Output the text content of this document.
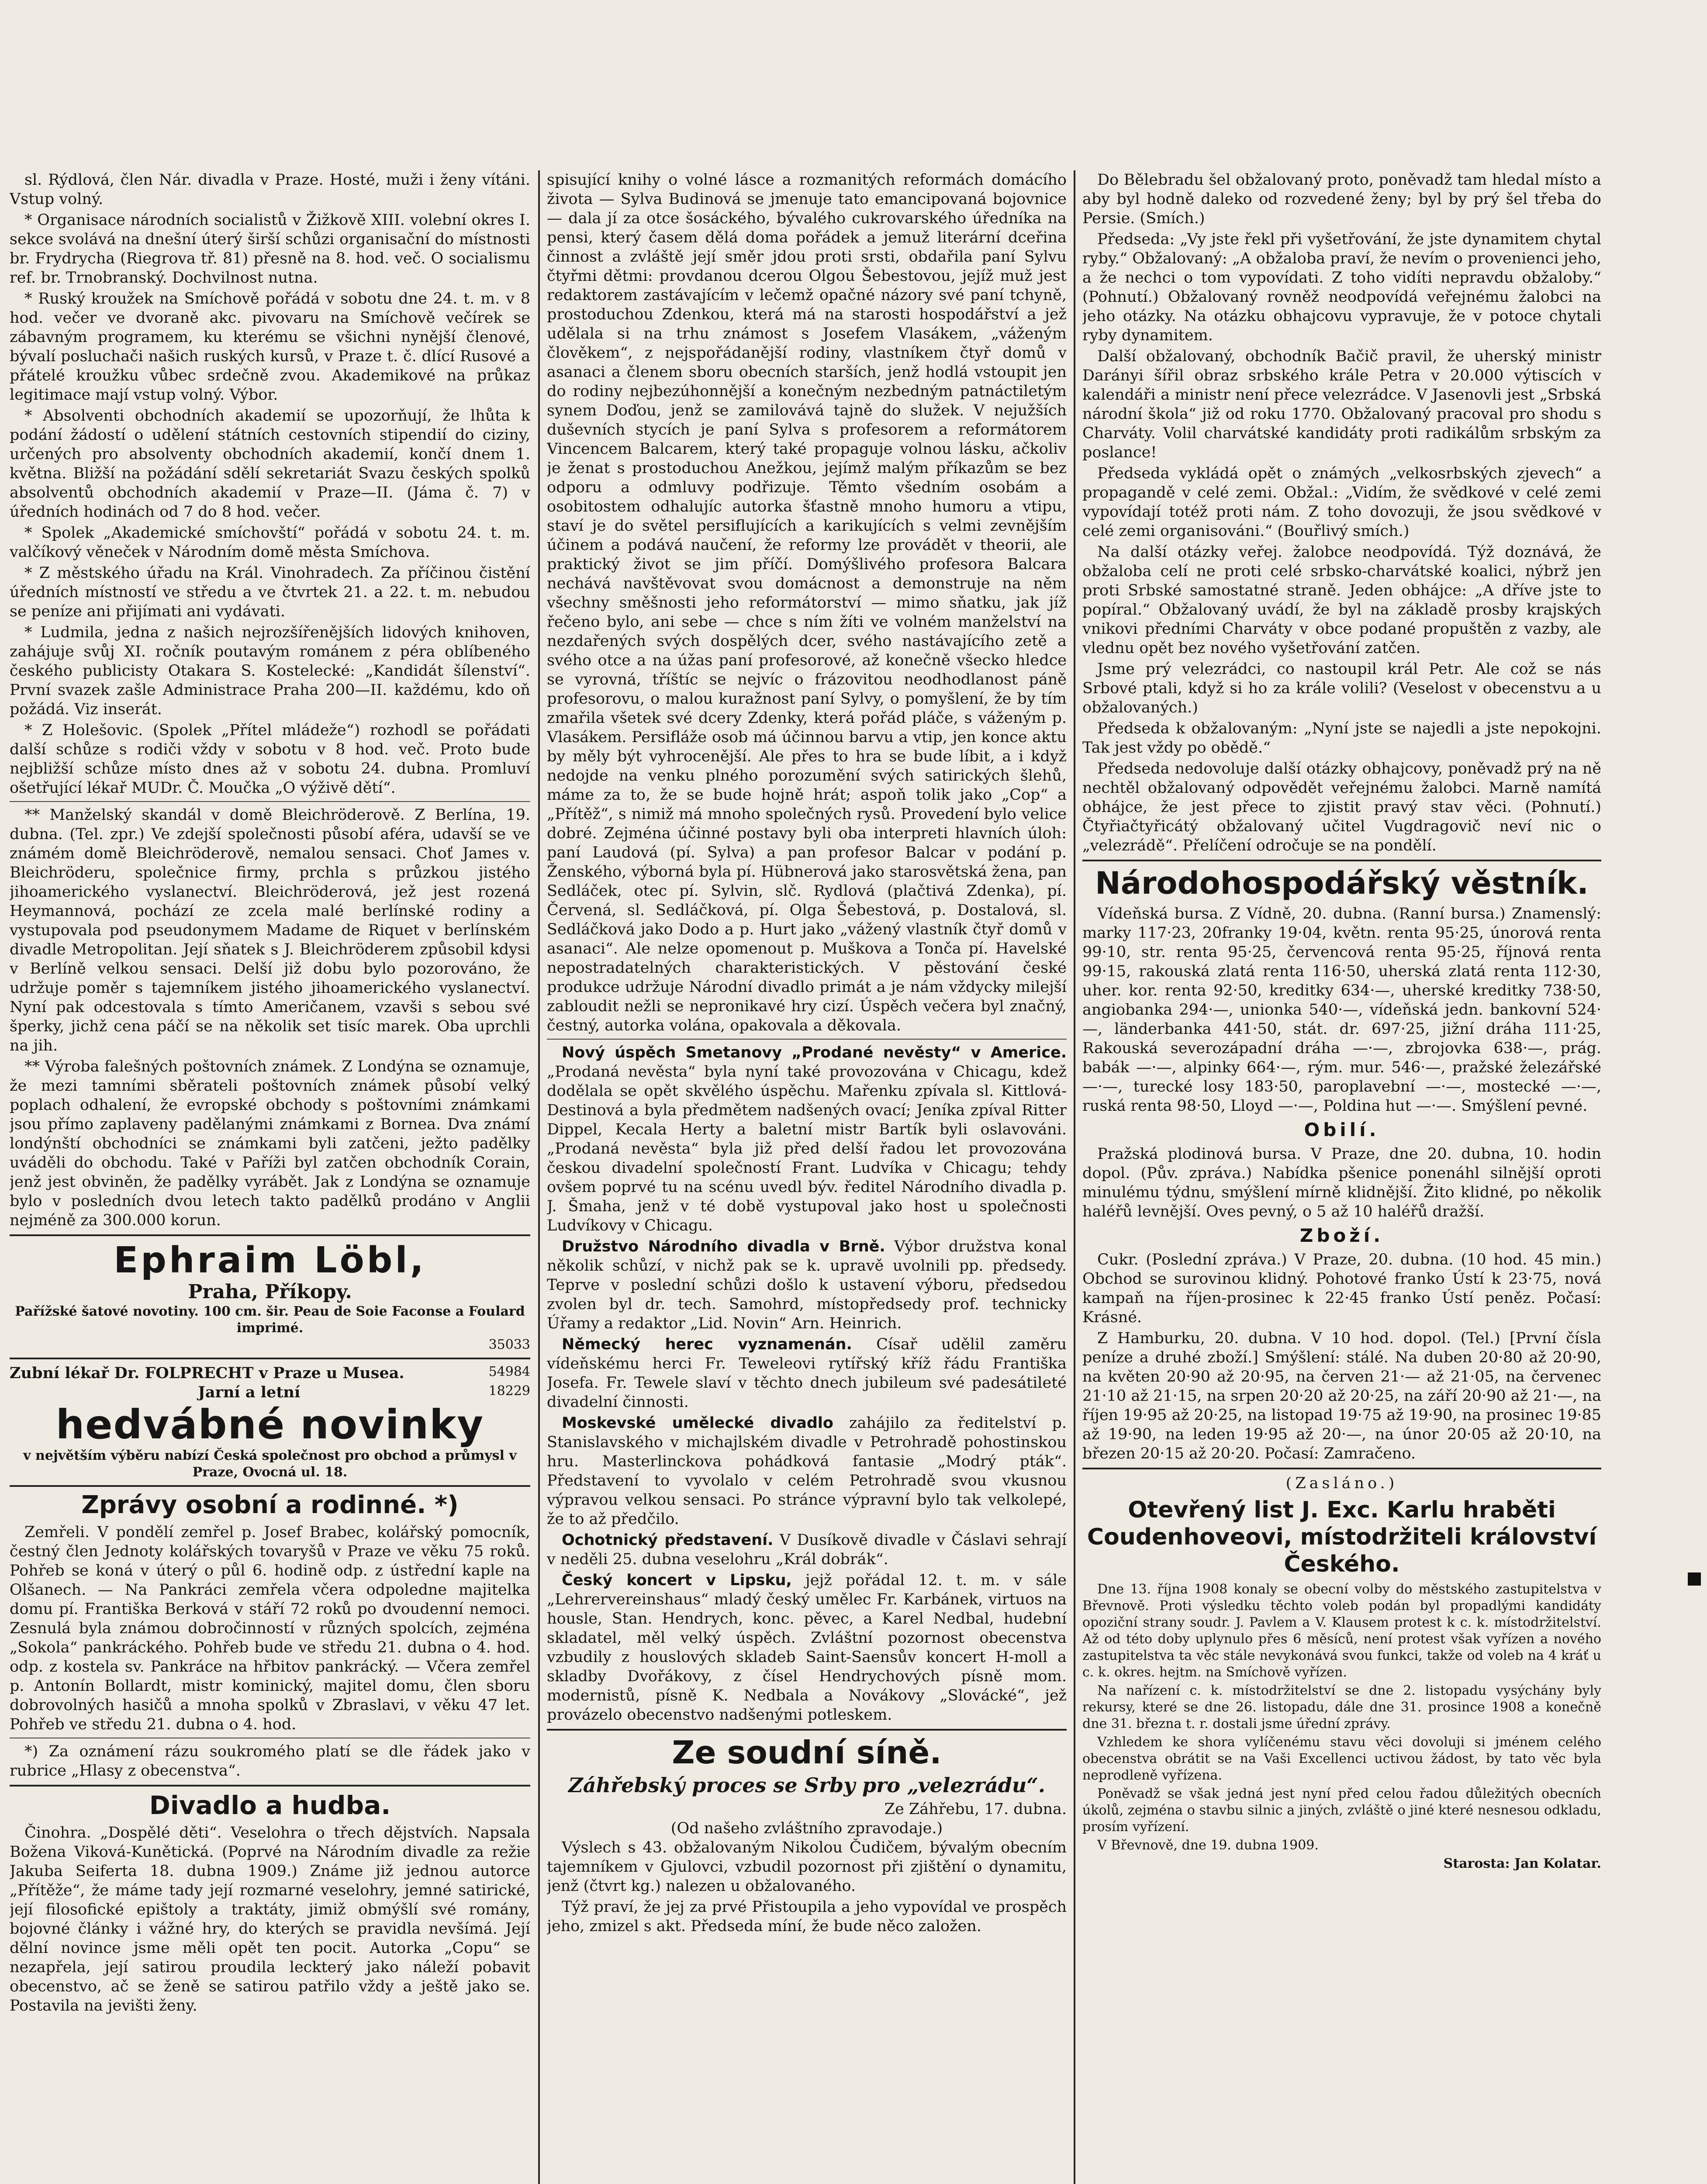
sl. Rýdlová, člen Nár. divadla v Praze. Hosté, muži i ženy vítáni. Vstup volný.

* Organisace národních socialistů v Žižkově XIII. volební okres I. sekce svolává na dnešní úterý širší schůzi organisační do místnosti br. Frydrycha (Riegrova tř. 81) přesně na 8. hod. več. O socialismu ref. br. Trnobranský. Dochvilnost nutna.

* Ruský kroužek na Smíchově pořádá v sobotu dne 24. t. m. v 8 hod. večer ve dvoraně akc. pivovaru na Smíchově večírek se zábavným programem, ku kterému se všichni nynější členové, bývalí posluchači našich ruských kursů, v Praze t. č. dlící Rusové a přátelé kroužku vůbec srdečně zvou. Akademikové na průkaz legitimace mají vstup volný. Výbor.

* Absolventi obchodních akademií se upozorňují, že lhůta k podání žádostí o udělení státních cestovních stipendií do ciziny, určených pro absolventy obchodních akademií, končí dnem 1. května. Bližší na požádání sdělí sekretariát Svazu českých spolků absolventů obchodních akademií v Praze—II. (Jáma č. 7) v úředních hodinách od 7 do 8 hod. večer.

* Spolek „Akademické smíchovští“ pořádá v sobotu 24. t. m. valčíkový věneček v Národním domě města Smíchova.

* Z městského úřadu na Král. Vinohradech. Za příčinou čistění úředních místností ve středu a ve čtvrtek 21. a 22. t. m. nebudou se peníze ani přijímati ani vydávati.

* Ludmila, jedna z našich nejrozšířenějších lidových knihoven, zahájuje svůj XI. ročník poutavým románem z péra oblíbeného českého publicisty Otakara S. Kostelecké: „Kandidát šílenství“. První svazek zašle Administrace Praha 200—II. každému, kdo oň požádá. Viz inserát.

* Z Holešovic. (Spolek „Přítel mládeže“) rozhodl se pořádati další schůze s rodiči vždy v sobotu v 8 hod. več. Proto bude nejbližší schůze místo dnes až v sobotu 24. dubna. Promluví ošetřující lékař MUDr. Č. Moučka „O výživě dětí“.

** Manželský skandál v domě Bleichröderově. Z Berlína, 19. dubna. (Tel. zpr.) Ve zdejší společnosti působí aféra, udavší se ve známém domě Bleichröderově, nemalou sensaci. Choť James v. Bleichröderu, společnice firmy, prchla s průzkou jistého jihoamerického vyslanectví. Bleichröderová, jež jest rozená Heymannová, pochází ze zcela malé berlínské rodiny a vystupovala pod pseudonymem Madame de Riquet v berlínském divadle Metropolitan. Její sňatek s J. Bleichröderem způsobil kdysi v Berlíně velkou sensaci. Delší již dobu bylo pozorováno, že udržuje poměr s tajemníkem jistého jihoamerického vyslanectví. Nyní pak odcestovala s tímto Američanem, vzavši s sebou své šperky, jichž cena páčí se na několik set tisíc marek. Oba uprchli na jih.

** Výroba falešných poštovních známek. Z Londýna se oznamuje, že mezi tamními sběrateli poštovních známek působí velký poplach odhalení, že evropské obchody s poštovními známkami jsou přímo zaplaveny padělanými známkami z Bornea. Dva známí londýnští obchodníci se známkami byli zatčeni, ježto padělky uváděli do obchodu. Také v Paříži byl zatčen obchodník Corain, jenž jest obviněn, že padělky vyrábět. Jak z Londýna se oznamuje bylo v posledních dvou letech takto padělků prodáno v Anglii nejméně za 300.000 korun.

Ephraim Löbl,
Praha, Příkopy.
Pařížské šatové novotiny. 100 cm. šir. Peau de Soie Faconse a Foulard imprimé.
35033
Zubní lékař Dr. FOLPRECHT v Praze u Musea.	54984
Jarní a letní	18229
hedvábné novinky
v největším výběru nabízí Česká společnost pro obchod a průmysl v Praze, Ovocná ul. 18.
Zprávy osobní a rodinné. *)

Zemřeli. V pondělí zemřel p. Josef Brabec, kolářský pomocník, čestný člen Jednoty kolářských tovaryšů v Praze ve věku 75 roků. Pohřeb se koná v úterý o půl 6. hodině odp. z ústřední kaple na Olšanech. — Na Pankráci zemřela včera odpoledne majitelka domu pí. Františka Berková v stáří 72 roků po dvoudenní nemoci. Zesnulá byla známou dobročinností v různých spolcích, zejména „Sokola“ pankráckého. Pohřeb bude ve středu 21. dubna o 4. hod. odp. z kostela sv. Pankráce na hřbitov pankrácký. — Včera zemřel p. Antonín Bollardt, mistr kominický, majitel domu, člen sboru dobrovolných hasičů a mnoha spolků v Zbraslavi, v věku 47 let. Pohřeb ve středu 21. dubna o 4. hod.

*) Za oznámení rázu soukromého platí se dle řádek jako v rubrice „Hlasy z obecenstva“.

Divadlo a hudba.

Činohra. „Dospělé děti“. Veselohra o třech dějstvích. Napsala Božena Viková-Kunětická. (Poprvé na Národním divadle za režie Jakuba Seiferta 18. dubna 1909.) Známe již jednou autorce „Přítěže“, že máme tady její rozmarné veselohry, jemné satirické, její filosofické epištoly a traktáty, jimiž obmýšlí své romány, bojovné články i vážné hry, do kterých se pravidla nevšímá. Její dělní novince jsme měli opět ten pocit. Autorka „Copu“ se nezapřela, její satirou proudila leckterý jako náleží pobavit obecenstvo, ač se ženě se satirou patřilo vždy a ještě jako se. Postavila na jevišti ženy.

spisující knihy o volné lásce a rozmanitých reformách domácího života — Sylva Budinová se jmenuje tato emancipovaná bojovnice — dala jí za otce šosáckého, bývalého cukrovarského úředníka na pensi, který časem dělá doma pořádek a jemuž literární dceřina činnost a zvláště její směr jdou proti srsti, obdařila paní Sylvu čtyřmi dětmi: provdanou dcerou Olgou Šebestovou, jejíž muž jest redaktorem zastávajícím v lečemž opačné názory své paní tchyně, prostoduchou Zdenkou, která má na starosti hospodářství a jež udělala si na trhu známost s Josefem Vlasákem, „váženým člověkem“, z nejspořádanější rodiny, vlastníkem čtyř domů v asanaci a členem sboru obecních starších, jenž hodlá vstoupit jen do rodiny nejbezúhonnější a konečným nezbedným patnáctiletým synem Doďou, jenž se zamilovává tajně do služek. V nejužších duševních stycích je paní Sylva s profesorem a reformátorem Vincencem Balcarem, který také propaguje volnou lásku, ačkoliv je ženat s prostoduchou Anežkou, jejímž malým příkazům se bez odporu a odmluvy podřizuje. Těmto všedním osobám a osobitostem odhalujíc autorka šťastně mnoho humoru a vtipu, staví je do světel persiflujících a karikujících s velmi zevnějším účinem a podává naučení, že reformy lze provádět v theorii, ale praktický život se jim příčí. Domýšlivého profesora Balcara nechává navštěvovat svou domácnost a demonstruje na něm všechny směšnosti jeho reformátorství — mimo sňatku, jak jíž řečeno bylo, ani sebe — chce s ním žíti ve volném manželství na nezdařených svých dospělých dcer, svého nastávajícího zetě a svého otce a na úžas paní profesorové, až konečně všecko hledce se vyrovná, tříštíc se nejvíc o frázovitou neodhodlanost páně profesorovu, o malou kuražnost paní Sylvy, o pomyšlení, že by tím zmařila všetek své dcery Zdenky, která pořád pláče, s váženým p. Vlasákem. Persifláže osob má účinnou barvu a vtip, jen konce aktu by měly být vyhrocenější. Ale přes to hra se bude líbit, a i když nedojde na venku plného porozumění svých satirických šlehů, máme za to, že se bude hojně hrát; aspoň tolik jako „Cop“ a „Přítěž“, s nimiž má mnoho společných rysů. Provedení bylo velice dobré. Zejména účinné postavy byli oba interpreti hlavních úloh: paní Laudová (pí. Sylva) a pan profesor Balcar v podání p. Ženského, výborná byla pí. Hübnerová jako starosvětská žena, pan Sedláček, otec pí. Sylvin, slč. Rydlová (plačtivá Zdenka), pí. Červená, sl. Sedláčková, pí. Olga Šebestová, p. Dostalová, sl. Sedláčková jako Dodo a p. Hurt jako „vážený vlastník čtyř domů v asanaci“. Ale nelze opomenout p. Muškova a Tonča pí. Havelské nepostradatelných charakteristických. V pěstování české produkce udržuje Národní divadlo primát a je nám vždycky milejší zabloudit nežli se nepronikavé hry cizí. Úspěch večera byl značný, čestný, autorka volána, opakovala a děkovala.

Nový úspěch Smetanovy „Prodané nevěsty“ v Americe. „Prodaná nevěsta“ byla nyní také provozována v Chicagu, kdež dodělala se opět skvělého úspěchu. Mařenku zpívala sl. Kittlová-Destinová a byla předmětem nadšených ovací; Jeníka zpíval Ritter Dippel, Kecala Herty a baletní mistr Bartík byli oslavováni. „Prodaná nevěsta“ byla již před delší řadou let provozována českou divadelní společností Frant. Ludvíka v Chicagu; tehdy ovšem poprvé tu na scénu uvedl býv. ředitel Národního divadla p. J. Šmaha, jenž v té době vystupoval jako host u společnosti Ludvíkovy v Chicagu.

Družstvo Národního divadla v Brně. Výbor družstva konal několik schůzí, v nichž pak se k. upravě uvolnili pp. předsedy. Teprve v poslední schůzi došlo k ustavení výboru, předsedou zvolen byl dr. tech. Samohrd, místopředsedy prof. technicky Úřamy a redaktor „Lid. Novin“ Arn. Heinrich.

Německý herec vyznamenán. Císař udělil zaměru vídeňskému herci Fr. Teweleovi rytířský kříž řádu Františka Josefa. Fr. Tewele slaví v těchto dnech jubileum své padesátileté divadelní činnosti.

Moskevské umělecké divadlo zahájilo za ředitelství p. Stanislavského v michajlském divadle v Petrohradě pohostinskou hru. Masterlinckova pohádková fantasie „Modrý pták“. Představení to vyvolalo v celém Petrohradě svou vkusnou výpravou velkou sensaci. Po stránce výpravní bylo tak velkolepé, že to až předčilo.

Ochotnický představení. V Dusíkově divadle v Čáslavi sehrají v neděli 25. dubna veselohru „Král dobrák“.

Český koncert v Lipsku, jejž pořádal 12. t. m. v sále „Lehrervereinshaus“ mladý český umělec Fr. Karbánek, virtuos na housle, Stan. Hendrych, konc. pěvec, a Karel Nedbal, hudební skladatel, měl velký úspěch. Zvláštní pozornost obecenstva vzbudily z houslových skladeb Saint-Saensův koncert H-moll a skladby Dvořákovy, z čísel Hendrychových písně mom. modernistů, písně K. Nedbala a Novákovy „Slovácké“, jež provázelo obecenstvo nadšenými potleskem.

Ze soudní síně.
Záhřebský proces se Srby pro „velezrádu“.
Ze Záhřebu, 17. dubna.
(Od našeho zvláštního zpravodaje.)

Výslech s 43. obžalovaným Nikolou Čudičem, bývalým obecním tajemníkem v Gjulovci, vzbudil pozornost při zjištění o dynamitu, jenž (čtvrt kg.) nalezen u obžalovaného.

Týž praví, že jej za prvé Přistoupila a jeho vypovídal ve prospěch jeho, zmizel s akt. Předseda míní, že bude něco založen.

Do Bělebradu šel obžalovaný proto, poněvadž tam hledal místo a aby byl hodně daleko od rozvedené ženy; byl by prý šel třeba do Persie. (Smích.)

Předseda: „Vy jste řekl při vyšetřování, že jste dynamitem chytal ryby.“ Obžalovaný: „A obžaloba praví, že nevím o provenienci jeho, a že nechci o tom vypovídati. Z toho vidíti nepravdu obžaloby.“ (Pohnutí.) Obžalovaný rovněž neodpovídá veřejnému žalobci na jeho otázky. Na otázku obhajcovu vypravuje, že v potoce chytali ryby dynamitem.

Další obžalovaný, obchodník Bačič pravil, že uherský ministr Darányi šířil obraz srbského krále Petra v 20.000 výtiscích v kalendáři a ministr není přece velezrádce. V Jasenovli jest „Srbská národní škola“ již od roku 1770. Obžalovaný pracoval pro shodu s Charváty. Volil charvátské kandidáty proti radikálům srbským za poslance!

Předseda vykládá opět o známých „velkosrbských zjevech“ a propagandě v celé zemi. Obžal.: „Vidím, že svědkové v celé zemi vypovídají totéž proti nám. Z toho dovozuji, že jsou svědkové v celé zemi organisováni.“ (Bouřlivý smích.)

Na další otázky veřej. žalobce neodpovídá. Týž doznává, že obžaloba celí ne proti celé srbsko-charvátské koalici, nýbrž jen proti Srbské samostatné straně. Jeden obhájce: „A dříve jste to popíral.“ Obžalovaný uvádí, že byl na základě prosby krajských vnikovi předními Charváty v obce podané propuštěn z vazby, ale vlednu opět bez nového vyšetřování zatčen.

Jsme prý velezrádci, co nastoupil král Petr. Ale což se nás Srbové ptali, když si ho za krále volili? (Veselost v obecenstvu a u obžalovaných.)

Předseda k obžalovaným: „Nyní jste se najedli a jste nepokojni. Tak jest vždy po obědě.“

Předseda nedovoluje další otázky obhajcovy, poněvadž prý na ně nechtěl obžalovaný odpovědět veřejnému žalobci. Marně namítá obhájce, že jest přece to zjistit pravý stav věci. (Pohnutí.) Čtyřiačtyřicátý obžalovaný učitel Vugdragovič neví nic o „velezrádě“. Přelíčení odročuje se na pondělí.

Národohospodářský věstník.

Vídeňská bursa. Z Vídně, 20. dubna. (Ranní bursa.) Znamenslý: marky 117·23, 20franky 19·04, květn. renta 95·25, únorová renta 99·10, str. renta 95·25, červencová renta 95·25, říjnová renta 99·15, rakouská zlatá renta 116·50, uherská zlatá renta 112·30, uher. kor. renta 92·50, kreditky 634·—, uherské kreditky 738·50, angiobanka 294·—, unionka 540·—, vídeňská jedn. bankovní 524·—, länderbanka 441·50, stát. dr. 697·25, jižní dráha 111·25, Rakouská severozápadní dráha —·—, zbrojovka 638·—, prág. babák —·—, alpinky 664·—, rým. mur. 546·—, pražské železářské —·—, turecké losy 183·50, paroplavební —·—, mostecké —·—, ruská renta 98·50, Lloyd —·—, Poldina hut —·—. Smýšlení pevné.

Obilí.

Pražská plodinová bursa. V Praze, dne 20. dubna, 10. hodin dopol. (Pův. zpráva.) Nabídka pšenice ponenáhl silnější oproti minulému týdnu, smýšlení mírně klidnější. Žito klidné, po několik haléřů levnější. Oves pevný, o 5 až 10 haléřů dražší.

Zboží.

Cukr. (Poslední zpráva.) V Praze, 20. dubna. (10 hod. 45 min.) Obchod se surovinou klidný. Pohotové franko Ústí k 23·75, nová kampaň na říjen-prosinec k 22·45 franko Ústí peněz. Počasí: Krásné.

Z Hamburku, 20. dubna. V 10 hod. dopol. (Tel.) [První čísla peníze a druhé zboží.] Smýšlení: stálé. Na duben 20·80 až 20·90, na květen 20·90 až 20·95, na červen 21·— až 21·05, na červenec 21·10 až 21·15, na srpen 20·20 až 20·25, na září 20·90 až 21·—, na říjen 19·95 až 20·25, na listopad 19·75 až 19·90, na prosinec 19·85 až 19·90, na leden 19·95 až 20·—, na únor 20·05 až 20·10, na březen 20·15 až 20·20. Počasí: Zamračeno.

(Zasláno.)
Otevřený list J. Exc. Karlu hraběti Coudenhoveovi, místodržiteli království Českého.

Dne 13. října 1908 konaly se obecní volby do městského zastupitelstva v Břevnově. Proti výsledku těchto voleb podán byl propadlými kandidáty opoziční strany soudr. J. Pavlem a V. Klausem protest k c. k. místodržitelství. Až od této doby uplynulo přes 6 měsíců, není protest však vyřízen a nového zastupitelstva ta věc stále nevykonává svou funkci, takže od voleb na 4 kráť u c. k. okres. hejtm. na Smíchově vyřízen.

Na nařízení c. k. místodržitelství se dne 2. listopadu vysýchány byly rekursy, které se dne 26. listopadu, dále dne 31. prosince 1908 a konečně dne 31. března t. r. dostali jsme úřední zprávy.

Vzhledem ke shora vylíčenému stavu věci dovoluji si jménem celého obecenstva obrátit se na Vaši Excellenci uctivou žádost, by tato věc byla neprodleně vyřízena.

Poněvadž se však jedná jest nyní před celou řadou důležitých obecních úkolů, zejména o stavbu silnic a jiných, zvláště o jiné které nesnesou odkladu, prosím vyřízení.

V Břevnově, dne 19. dubna 1909.

Starosta: Jan Kolatar.
